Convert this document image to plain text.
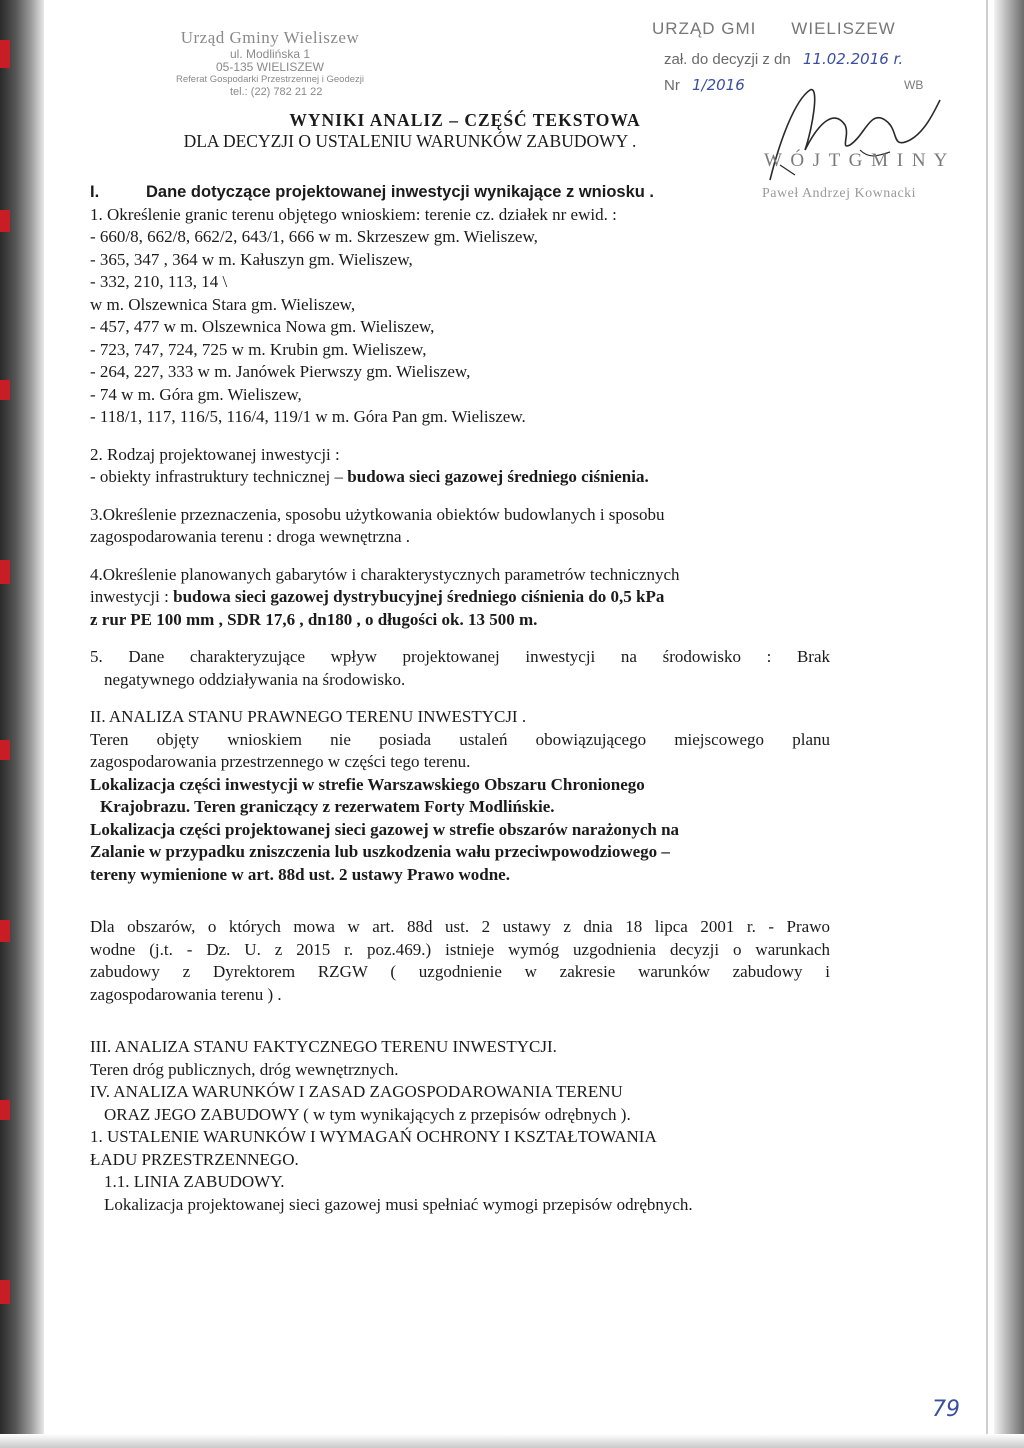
Urząd Gminy Wieliszew
ul. Modlińska 1
05-135 WIELISZEW
Referat Gospodarki Przestrzennej i Geodezji
tel.: (22) 782 21 22
URZĄD GMI WIELISZEW
zał. do decyzji z dn 11.02.2016 r.
Nr 1/2016	WB
W Ó J T G M I N Y
Paweł Andrzej Kownacki
WYNIKI ANALIZ – CZĘŚĆ TEKSTOWA
DLA DECYZJI O USTALENIU WARUNKÓW ZABUDOWY .

I.	Dane dotyczące projektowanej inwestycji wynikające z wniosku .

1. Określenie granic terenu objętego wnioskiem: terenie cz. działek nr ewid. :

- 660/8, 662/8, 662/2, 643/1, 666 w m. Skrzeszew gm. Wieliszew,

- 365, 347 , 364 w m. Kałuszyn gm. Wieliszew,

- 332, 210, 113, 14 \

w m. Olszewnica Stara gm. Wieliszew,

- 457, 477 w m. Olszewnica Nowa gm. Wieliszew,

- 723, 747, 724, 725 w m. Krubin gm. Wieliszew,

- 264, 227, 333 w m. Janówek Pierwszy gm. Wieliszew,

- 74 w m. Góra gm. Wieliszew,

- 118/1, 117, 116/5, 116/4, 119/1 w m. Góra Pan gm. Wieliszew.

2. Rodzaj projektowanej inwestycji :

- obiekty infrastruktury technicznej – budowa sieci gazowej średniego ciśnienia.

3.Określenie przeznaczenia, sposobu użytkowania obiektów budowlanych i sposobu

zagospodarowania terenu : droga wewnętrzna .

4.Określenie planowanych gabarytów i charakterystycznych parametrów technicznych

inwestycji : budowa sieci gazowej dystrybucyjnej średniego ciśnienia do 0,5 kPa

z rur PE 100 mm , SDR 17,6 , dn180 , o długości ok. 13 500 m.

5. Dane charakteryzujące wpływ projektowanej inwestycji na środowisko : Brak

negatywnego oddziaływania na środowisko.

II. ANALIZA STANU PRAWNEGO TERENU INWESTYCJI .

Teren objęty wnioskiem nie posiada ustaleń obowiązującego miejscowego planu

zagospodarowania przestrzennego w części tego terenu.

Lokalizacja części inwestycji w strefie Warszawskiego Obszaru Chronionego

Krajobrazu. Teren graniczący z rezerwatem Forty Modlińskie.

Lokalizacja części projektowanej sieci gazowej w strefie obszarów narażonych na

Zalanie w przypadku zniszczenia lub uszkodzenia wału przeciwpowodziowego –

tereny wymienione w art. 88d ust. 2 ustawy Prawo wodne.

Dla obszarów, o których mowa w art. 88d ust. 2 ustawy z dnia 18 lipca 2001 r. - Prawo

wodne (j.t. - Dz. U. z 2015 r. poz.469.) istnieje wymóg uzgodnienia decyzji o warunkach

zabudowy z Dyrektorem RZGW ( uzgodnienie w zakresie warunków zabudowy i

zagospodarowania terenu ) .

III. ANALIZA STANU FAKTYCZNEGO TERENU INWESTYCJI.

Teren dróg publicznych, dróg wewnętrznych.

IV. ANALIZA WARUNKÓW I ZASAD ZAGOSPODAROWANIA TERENU

ORAZ JEGO ZABUDOWY ( w tym wynikających z przepisów odrębnych ).

1. USTALENIE WARUNKÓW I WYMAGAŃ OCHRONY I KSZTAŁTOWANIA

ŁADU PRZESTRZENNEGO.

1.1. LINIA ZABUDOWY.

Lokalizacja projektowanej sieci gazowej musi spełniać wymogi przepisów odrębnych.

79
